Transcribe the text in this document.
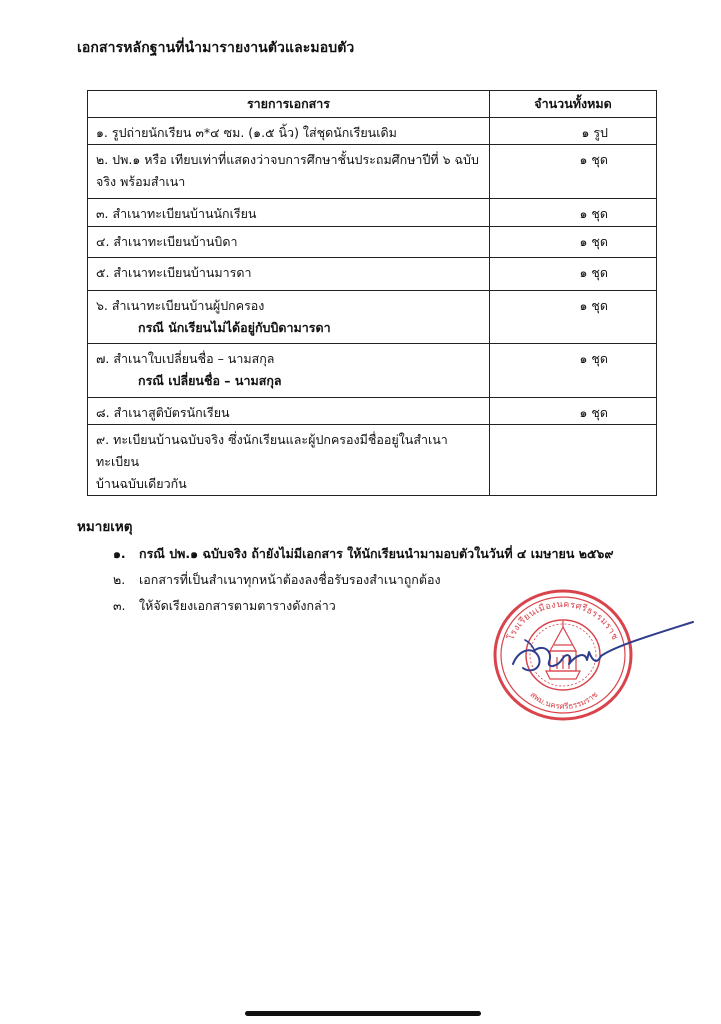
เอกสารหลักฐานที่นำมารายงานตัวและมอบตัว
รายการเอกสาร	จำนวนทั้งหมด
๑. รูปถ่ายนักเรียน ๓*๔ ซม. (๑.๕ นิ้ว) ใส่ชุดนักเรียนเดิม	๑ รูป
๒. ปพ.๑ หรือ เทียบเท่าที่แสดงว่าจบการศึกษาชั้นประถมศึกษาปีที่ ๖ ฉบับ
จริง พร้อมสำเนา	๑ ชุด
๓. สำเนาทะเบียนบ้านนักเรียน	๑ ชุด
๔. สำเนาทะเบียนบ้านบิดา	๑ ชุด
๕. สำเนาทะเบียนบ้านมารดา	๑ ชุด
๖. สำเนาทะเบียนบ้านผู้ปกครอง
กรณี นักเรียนไม่ได้อยู่กับบิดามารดา	๑ ชุด
๗. สำเนาใบเปลี่ยนชื่อ – นามสกุล
กรณี เปลี่ยนชื่อ – นามสกุล	๑ ชุด
๘. สำเนาสูติบัตรนักเรียน	๑ ชุด
๙. ทะเบียนบ้านฉบับจริง ซึ่งนักเรียนและผู้ปกครองมีชื่ออยู่ในสำเนาทะเบียน
บ้านฉบับเดียวกัน	
หมายเหตุ
๑. กรณี ปพ.๑ ฉบับจริง ถ้ายังไม่มีเอกสาร ให้นักเรียนนำมามอบตัวในวันที่ ๔ เมษายน ๒๕๖๙
๒. เอกสารที่เป็นสำเนาทุกหน้าต้องลงชื่อรับรองสำเนาถูกต้อง
๓. ให้จัดเรียงเอกสารตามตารางดังกล่าว
โรงเรียนเมืองนครศรีธรรมราช
สพม.นครศรีธรรมราช
